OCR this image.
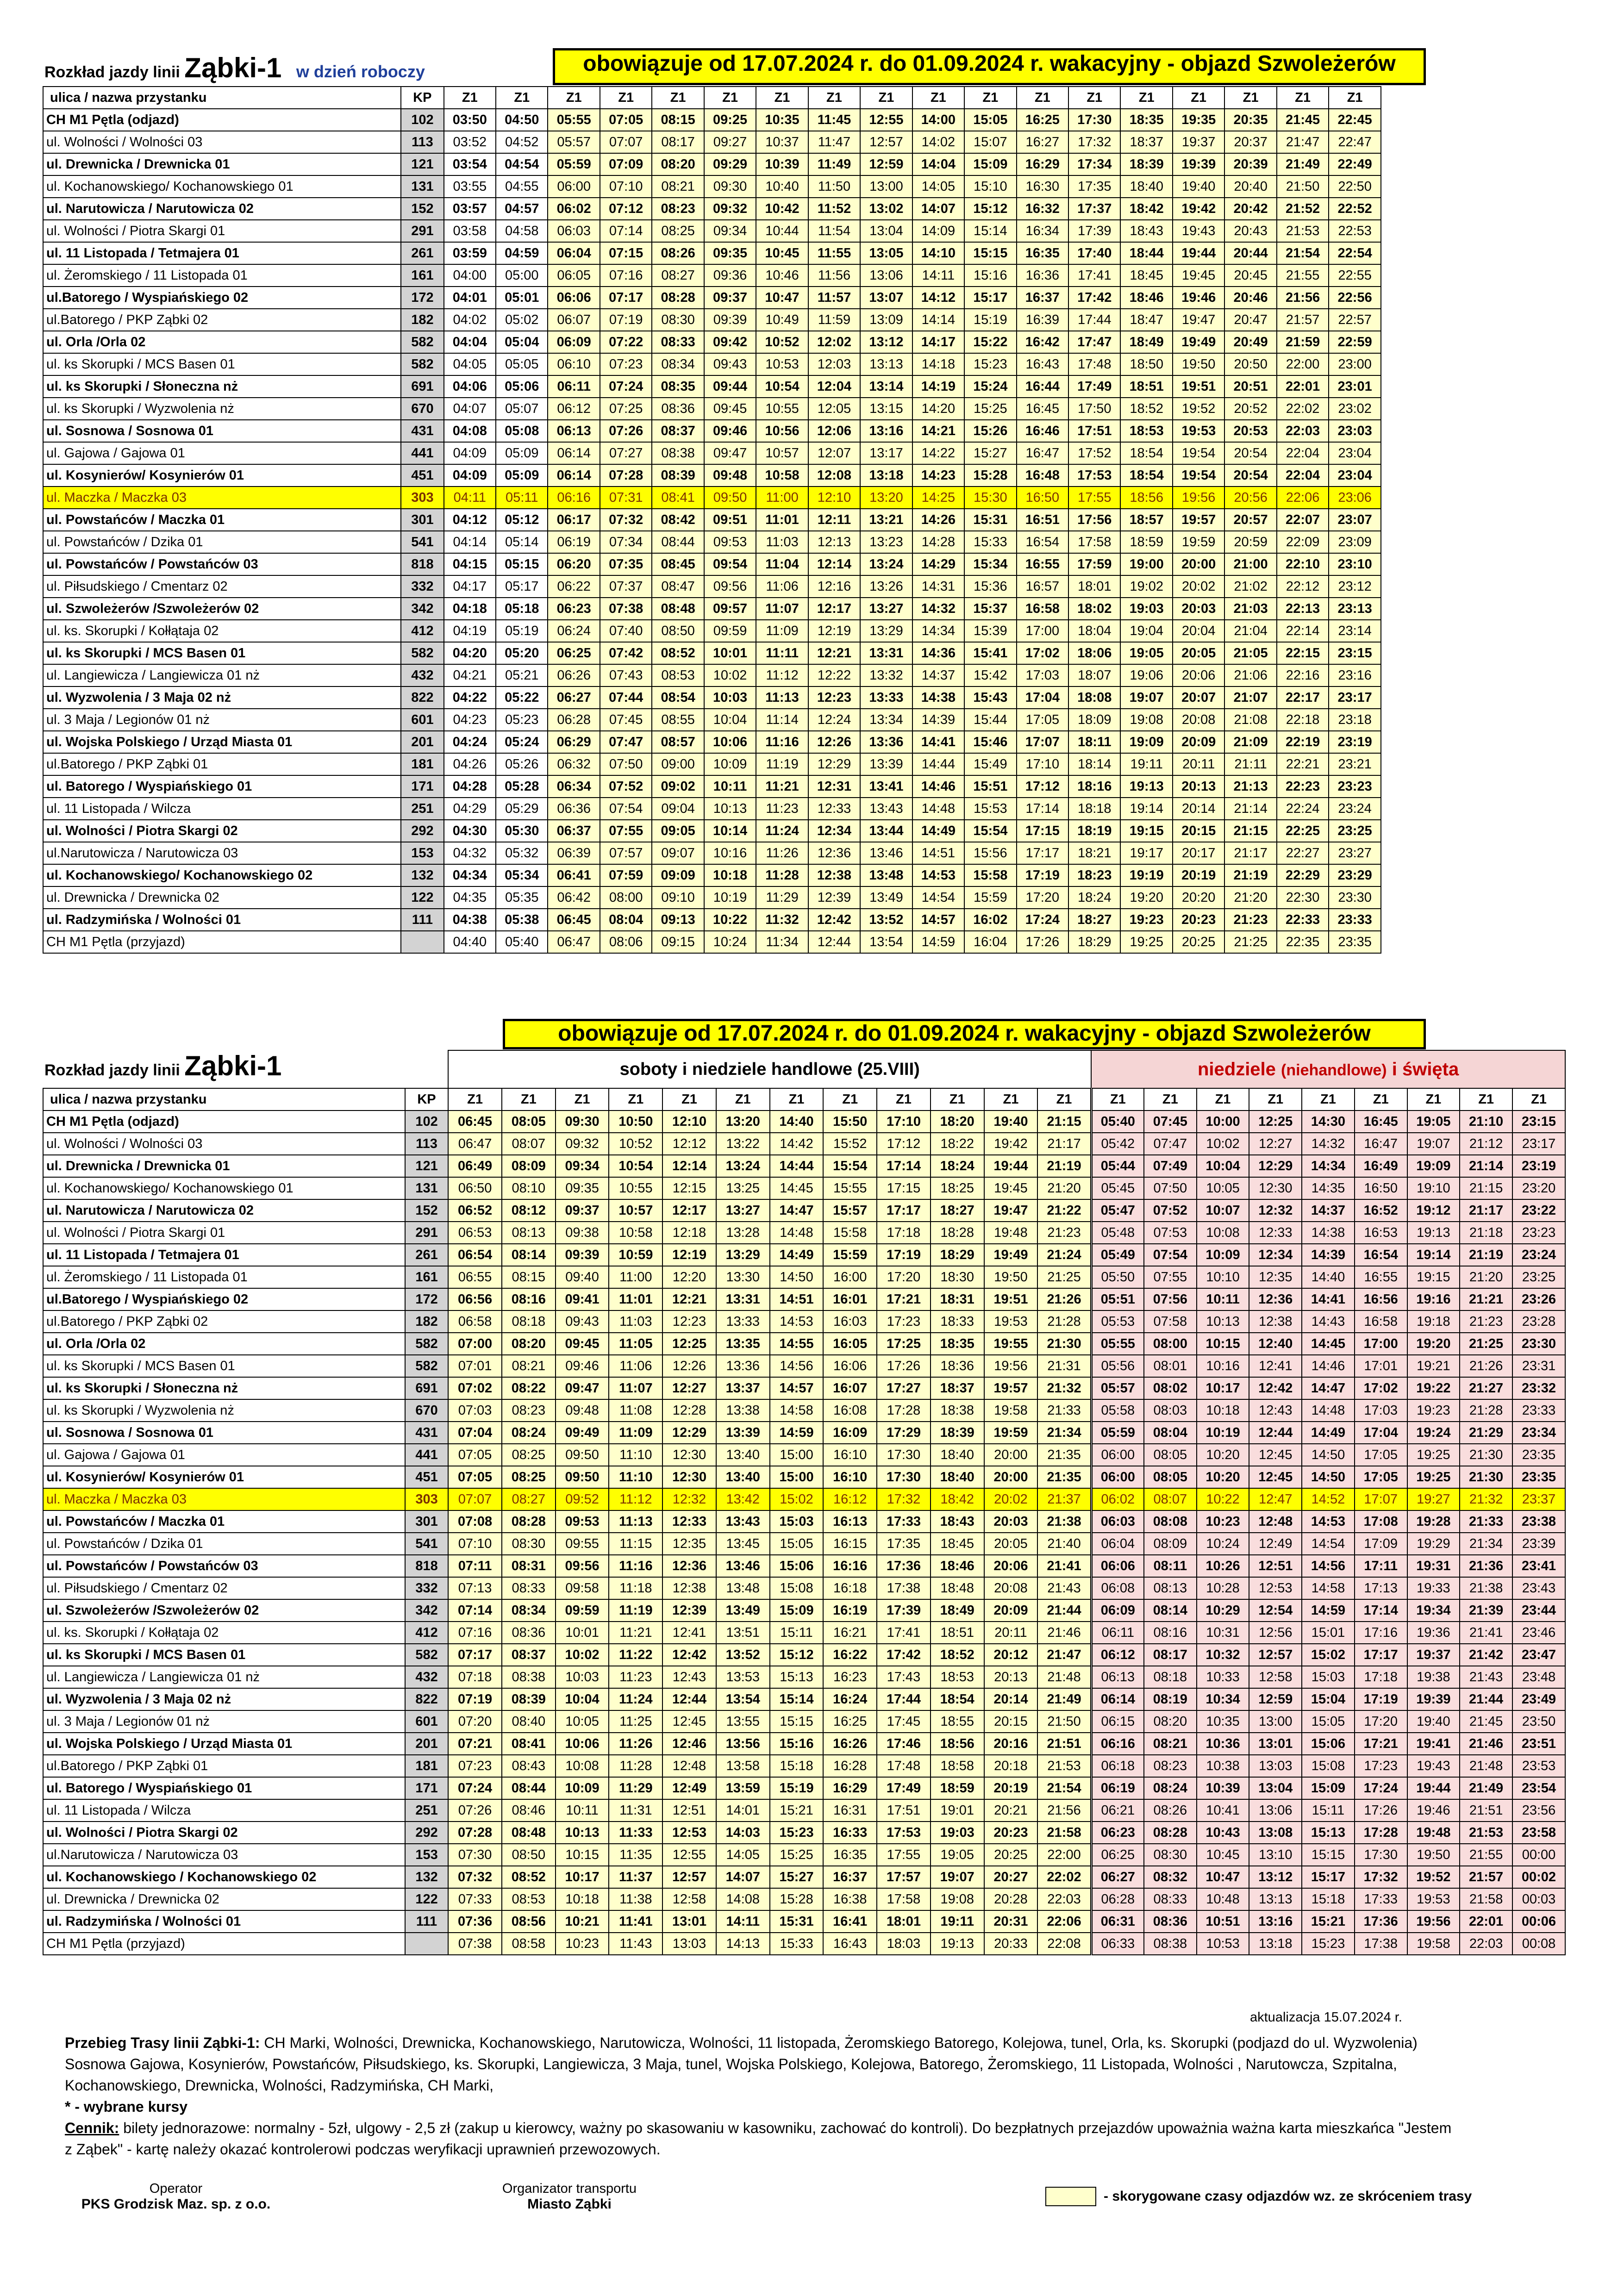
Rozkład jazdy linii Ząbki-1 w dzień roboczy	obowiązuje od 17.07.2024 r. do 01.09.2024 r. wakacyjny - objazd Szwoleżerów
ulica / nazwa przystanku	KP	Z1	Z1	Z1	Z1	Z1	Z1	Z1	Z1	Z1	Z1	Z1	Z1	Z1	Z1	Z1	Z1	Z1	Z1
CH M1 Pętla (odjazd)	102	03:50	04:50	05:55	07:05	08:15	09:25	10:35	11:45	12:55	14:00	15:05	16:25	17:30	18:35	19:35	20:35	21:45	22:45
ul. Wolności / Wolności 03	113	03:52	04:52	05:57	07:07	08:17	09:27	10:37	11:47	12:57	14:02	15:07	16:27	17:32	18:37	19:37	20:37	21:47	22:47
ul. Drewnicka / Drewnicka 01	121	03:54	04:54	05:59	07:09	08:20	09:29	10:39	11:49	12:59	14:04	15:09	16:29	17:34	18:39	19:39	20:39	21:49	22:49
ul. Kochanowskiego/ Kochanowskiego 01	131	03:55	04:55	06:00	07:10	08:21	09:30	10:40	11:50	13:00	14:05	15:10	16:30	17:35	18:40	19:40	20:40	21:50	22:50
ul. Narutowicza / Narutowicza 02	152	03:57	04:57	06:02	07:12	08:23	09:32	10:42	11:52	13:02	14:07	15:12	16:32	17:37	18:42	19:42	20:42	21:52	22:52
ul. Wolności / Piotra Skargi 01	291	03:58	04:58	06:03	07:14	08:25	09:34	10:44	11:54	13:04	14:09	15:14	16:34	17:39	18:43	19:43	20:43	21:53	22:53
ul. 11 Listopada / Tetmajera 01	261	03:59	04:59	06:04	07:15	08:26	09:35	10:45	11:55	13:05	14:10	15:15	16:35	17:40	18:44	19:44	20:44	21:54	22:54
ul. Żeromskiego / 11 Listopada 01	161	04:00	05:00	06:05	07:16	08:27	09:36	10:46	11:56	13:06	14:11	15:16	16:36	17:41	18:45	19:45	20:45	21:55	22:55
ul.Batorego / Wyspiańskiego 02	172	04:01	05:01	06:06	07:17	08:28	09:37	10:47	11:57	13:07	14:12	15:17	16:37	17:42	18:46	19:46	20:46	21:56	22:56
ul.Batorego / PKP Ząbki 02	182	04:02	05:02	06:07	07:19	08:30	09:39	10:49	11:59	13:09	14:14	15:19	16:39	17:44	18:47	19:47	20:47	21:57	22:57
ul. Orla /Orla 02	582	04:04	05:04	06:09	07:22	08:33	09:42	10:52	12:02	13:12	14:17	15:22	16:42	17:47	18:49	19:49	20:49	21:59	22:59
ul. ks Skorupki / MCS Basen 01	582	04:05	05:05	06:10	07:23	08:34	09:43	10:53	12:03	13:13	14:18	15:23	16:43	17:48	18:50	19:50	20:50	22:00	23:00
ul. ks Skorupki / Słoneczna nż	691	04:06	05:06	06:11	07:24	08:35	09:44	10:54	12:04	13:14	14:19	15:24	16:44	17:49	18:51	19:51	20:51	22:01	23:01
ul. ks Skorupki / Wyzwolenia nż	670	04:07	05:07	06:12	07:25	08:36	09:45	10:55	12:05	13:15	14:20	15:25	16:45	17:50	18:52	19:52	20:52	22:02	23:02
ul. Sosnowa / Sosnowa 01	431	04:08	05:08	06:13	07:26	08:37	09:46	10:56	12:06	13:16	14:21	15:26	16:46	17:51	18:53	19:53	20:53	22:03	23:03
ul. Gajowa / Gajowa 01	441	04:09	05:09	06:14	07:27	08:38	09:47	10:57	12:07	13:17	14:22	15:27	16:47	17:52	18:54	19:54	20:54	22:04	23:04
ul. Kosynierów/ Kosynierów 01	451	04:09	05:09	06:14	07:28	08:39	09:48	10:58	12:08	13:18	14:23	15:28	16:48	17:53	18:54	19:54	20:54	22:04	23:04
ul. Maczka / Maczka 03	303	04:11	05:11	06:16	07:31	08:41	09:50	11:00	12:10	13:20	14:25	15:30	16:50	17:55	18:56	19:56	20:56	22:06	23:06
ul. Powstańców / Maczka 01	301	04:12	05:12	06:17	07:32	08:42	09:51	11:01	12:11	13:21	14:26	15:31	16:51	17:56	18:57	19:57	20:57	22:07	23:07
ul. Powstańców / Dzika 01	541	04:14	05:14	06:19	07:34	08:44	09:53	11:03	12:13	13:23	14:28	15:33	16:54	17:58	18:59	19:59	20:59	22:09	23:09
ul. Powstańców / Powstańców 03	818	04:15	05:15	06:20	07:35	08:45	09:54	11:04	12:14	13:24	14:29	15:34	16:55	17:59	19:00	20:00	21:00	22:10	23:10
ul. Piłsudskiego / Cmentarz 02	332	04:17	05:17	06:22	07:37	08:47	09:56	11:06	12:16	13:26	14:31	15:36	16:57	18:01	19:02	20:02	21:02	22:12	23:12
ul. Szwoleżerów /Szwoleżerów 02	342	04:18	05:18	06:23	07:38	08:48	09:57	11:07	12:17	13:27	14:32	15:37	16:58	18:02	19:03	20:03	21:03	22:13	23:13
ul. ks. Skorupki / Kołłątaja 02	412	04:19	05:19	06:24	07:40	08:50	09:59	11:09	12:19	13:29	14:34	15:39	17:00	18:04	19:04	20:04	21:04	22:14	23:14
ul. ks Skorupki / MCS Basen 01	582	04:20	05:20	06:25	07:42	08:52	10:01	11:11	12:21	13:31	14:36	15:41	17:02	18:06	19:05	20:05	21:05	22:15	23:15
ul. Langiewicza / Langiewicza 01 nż	432	04:21	05:21	06:26	07:43	08:53	10:02	11:12	12:22	13:32	14:37	15:42	17:03	18:07	19:06	20:06	21:06	22:16	23:16
ul. Wyzwolenia / 3 Maja 02 nż	822	04:22	05:22	06:27	07:44	08:54	10:03	11:13	12:23	13:33	14:38	15:43	17:04	18:08	19:07	20:07	21:07	22:17	23:17
ul. 3 Maja / Legionów 01 nż	601	04:23	05:23	06:28	07:45	08:55	10:04	11:14	12:24	13:34	14:39	15:44	17:05	18:09	19:08	20:08	21:08	22:18	23:18
ul. Wojska Polskiego / Urząd Miasta 01	201	04:24	05:24	06:29	07:47	08:57	10:06	11:16	12:26	13:36	14:41	15:46	17:07	18:11	19:09	20:09	21:09	22:19	23:19
ul.Batorego / PKP Ząbki 01	181	04:26	05:26	06:32	07:50	09:00	10:09	11:19	12:29	13:39	14:44	15:49	17:10	18:14	19:11	20:11	21:11	22:21	23:21
ul. Batorego / Wyspiańskiego 01	171	04:28	05:28	06:34	07:52	09:02	10:11	11:21	12:31	13:41	14:46	15:51	17:12	18:16	19:13	20:13	21:13	22:23	23:23
ul. 11 Listopada / Wilcza	251	04:29	05:29	06:36	07:54	09:04	10:13	11:23	12:33	13:43	14:48	15:53	17:14	18:18	19:14	20:14	21:14	22:24	23:24
ul. Wolności / Piotra Skargi 02	292	04:30	05:30	06:37	07:55	09:05	10:14	11:24	12:34	13:44	14:49	15:54	17:15	18:19	19:15	20:15	21:15	22:25	23:25
ul.Narutowicza / Narutowicza 03	153	04:32	05:32	06:39	07:57	09:07	10:16	11:26	12:36	13:46	14:51	15:56	17:17	18:21	19:17	20:17	21:17	22:27	23:27
ul. Kochanowskiego/ Kochanowskiego 02	132	04:34	05:34	06:41	07:59	09:09	10:18	11:28	12:38	13:48	14:53	15:58	17:19	18:23	19:19	20:19	21:19	22:29	23:29
ul. Drewnicka / Drewnicka 02	122	04:35	05:35	06:42	08:00	09:10	10:19	11:29	12:39	13:49	14:54	15:59	17:20	18:24	19:20	20:20	21:20	22:30	23:30
ul. Radzymińska / Wolności 01	111	04:38	05:38	06:45	08:04	09:13	10:22	11:32	12:42	13:52	14:57	16:02	17:24	18:27	19:23	20:23	21:23	22:33	23:33
CH M1 Pętla (przyjazd)		04:40	05:40	06:47	08:06	09:15	10:24	11:34	12:44	13:54	14:59	16:04	17:26	18:29	19:25	20:25	21:25	22:35	23:35
obowiązuje od 17.07.2024 r. do 01.09.2024 r. wakacyjny - objazd Szwoleżerów
Rozkład jazdy linii Ząbki-1
		soboty i niedziele handlowe (25.VIII)												niedziele (niehandlowe) i święta								
ulica / nazwa przystanku	KP	Z1	Z1	Z1	Z1	Z1	Z1	Z1	Z1	Z1	Z1	Z1	Z1	Z1	Z1	Z1	Z1	Z1	Z1	Z1	Z1	Z1
CH M1 Pętla (odjazd)	102	06:45	08:05	09:30	10:50	12:10	13:20	14:40	15:50	17:10	18:20	19:40	21:15	05:40	07:45	10:00	12:25	14:30	16:45	19:05	21:10	23:15
ul. Wolności / Wolności 03	113	06:47	08:07	09:32	10:52	12:12	13:22	14:42	15:52	17:12	18:22	19:42	21:17	05:42	07:47	10:02	12:27	14:32	16:47	19:07	21:12	23:17
ul. Drewnicka / Drewnicka 01	121	06:49	08:09	09:34	10:54	12:14	13:24	14:44	15:54	17:14	18:24	19:44	21:19	05:44	07:49	10:04	12:29	14:34	16:49	19:09	21:14	23:19
ul. Kochanowskiego/ Kochanowskiego 01	131	06:50	08:10	09:35	10:55	12:15	13:25	14:45	15:55	17:15	18:25	19:45	21:20	05:45	07:50	10:05	12:30	14:35	16:50	19:10	21:15	23:20
ul. Narutowicza / Narutowicza 02	152	06:52	08:12	09:37	10:57	12:17	13:27	14:47	15:57	17:17	18:27	19:47	21:22	05:47	07:52	10:07	12:32	14:37	16:52	19:12	21:17	23:22
ul. Wolności / Piotra Skargi 01	291	06:53	08:13	09:38	10:58	12:18	13:28	14:48	15:58	17:18	18:28	19:48	21:23	05:48	07:53	10:08	12:33	14:38	16:53	19:13	21:18	23:23
ul. 11 Listopada / Tetmajera 01	261	06:54	08:14	09:39	10:59	12:19	13:29	14:49	15:59	17:19	18:29	19:49	21:24	05:49	07:54	10:09	12:34	14:39	16:54	19:14	21:19	23:24
ul. Żeromskiego / 11 Listopada 01	161	06:55	08:15	09:40	11:00	12:20	13:30	14:50	16:00	17:20	18:30	19:50	21:25	05:50	07:55	10:10	12:35	14:40	16:55	19:15	21:20	23:25
ul.Batorego / Wyspiańskiego 02	172	06:56	08:16	09:41	11:01	12:21	13:31	14:51	16:01	17:21	18:31	19:51	21:26	05:51	07:56	10:11	12:36	14:41	16:56	19:16	21:21	23:26
ul.Batorego / PKP Ząbki 02	182	06:58	08:18	09:43	11:03	12:23	13:33	14:53	16:03	17:23	18:33	19:53	21:28	05:53	07:58	10:13	12:38	14:43	16:58	19:18	21:23	23:28
ul. Orla /Orla 02	582	07:00	08:20	09:45	11:05	12:25	13:35	14:55	16:05	17:25	18:35	19:55	21:30	05:55	08:00	10:15	12:40	14:45	17:00	19:20	21:25	23:30
ul. ks Skorupki / MCS Basen 01	582	07:01	08:21	09:46	11:06	12:26	13:36	14:56	16:06	17:26	18:36	19:56	21:31	05:56	08:01	10:16	12:41	14:46	17:01	19:21	21:26	23:31
ul. ks Skorupki / Słoneczna nż	691	07:02	08:22	09:47	11:07	12:27	13:37	14:57	16:07	17:27	18:37	19:57	21:32	05:57	08:02	10:17	12:42	14:47	17:02	19:22	21:27	23:32
ul. ks Skorupki / Wyzwolenia nż	670	07:03	08:23	09:48	11:08	12:28	13:38	14:58	16:08	17:28	18:38	19:58	21:33	05:58	08:03	10:18	12:43	14:48	17:03	19:23	21:28	23:33
ul. Sosnowa / Sosnowa 01	431	07:04	08:24	09:49	11:09	12:29	13:39	14:59	16:09	17:29	18:39	19:59	21:34	05:59	08:04	10:19	12:44	14:49	17:04	19:24	21:29	23:34
ul. Gajowa / Gajowa 01	441	07:05	08:25	09:50	11:10	12:30	13:40	15:00	16:10	17:30	18:40	20:00	21:35	06:00	08:05	10:20	12:45	14:50	17:05	19:25	21:30	23:35
ul. Kosynierów/ Kosynierów 01	451	07:05	08:25	09:50	11:10	12:30	13:40	15:00	16:10	17:30	18:40	20:00	21:35	06:00	08:05	10:20	12:45	14:50	17:05	19:25	21:30	23:35
ul. Maczka / Maczka 03	303	07:07	08:27	09:52	11:12	12:32	13:42	15:02	16:12	17:32	18:42	20:02	21:37	06:02	08:07	10:22	12:47	14:52	17:07	19:27	21:32	23:37
ul. Powstańców / Maczka 01	301	07:08	08:28	09:53	11:13	12:33	13:43	15:03	16:13	17:33	18:43	20:03	21:38	06:03	08:08	10:23	12:48	14:53	17:08	19:28	21:33	23:38
ul. Powstańców / Dzika 01	541	07:10	08:30	09:55	11:15	12:35	13:45	15:05	16:15	17:35	18:45	20:05	21:40	06:04	08:09	10:24	12:49	14:54	17:09	19:29	21:34	23:39
ul. Powstańców / Powstańców 03	818	07:11	08:31	09:56	11:16	12:36	13:46	15:06	16:16	17:36	18:46	20:06	21:41	06:06	08:11	10:26	12:51	14:56	17:11	19:31	21:36	23:41
ul. Piłsudskiego / Cmentarz 02	332	07:13	08:33	09:58	11:18	12:38	13:48	15:08	16:18	17:38	18:48	20:08	21:43	06:08	08:13	10:28	12:53	14:58	17:13	19:33	21:38	23:43
ul. Szwoleżerów /Szwoleżerów 02	342	07:14	08:34	09:59	11:19	12:39	13:49	15:09	16:19	17:39	18:49	20:09	21:44	06:09	08:14	10:29	12:54	14:59	17:14	19:34	21:39	23:44
ul. ks. Skorupki / Kołłątaja 02	412	07:16	08:36	10:01	11:21	12:41	13:51	15:11	16:21	17:41	18:51	20:11	21:46	06:11	08:16	10:31	12:56	15:01	17:16	19:36	21:41	23:46
ul. ks Skorupki / MCS Basen 01	582	07:17	08:37	10:02	11:22	12:42	13:52	15:12	16:22	17:42	18:52	20:12	21:47	06:12	08:17	10:32	12:57	15:02	17:17	19:37	21:42	23:47
ul. Langiewicza / Langiewicza 01 nż	432	07:18	08:38	10:03	11:23	12:43	13:53	15:13	16:23	17:43	18:53	20:13	21:48	06:13	08:18	10:33	12:58	15:03	17:18	19:38	21:43	23:48
ul. Wyzwolenia / 3 Maja 02 nż	822	07:19	08:39	10:04	11:24	12:44	13:54	15:14	16:24	17:44	18:54	20:14	21:49	06:14	08:19	10:34	12:59	15:04	17:19	19:39	21:44	23:49
ul. 3 Maja / Legionów 01 nż	601	07:20	08:40	10:05	11:25	12:45	13:55	15:15	16:25	17:45	18:55	20:15	21:50	06:15	08:20	10:35	13:00	15:05	17:20	19:40	21:45	23:50
ul. Wojska Polskiego / Urząd Miasta 01	201	07:21	08:41	10:06	11:26	12:46	13:56	15:16	16:26	17:46	18:56	20:16	21:51	06:16	08:21	10:36	13:01	15:06	17:21	19:41	21:46	23:51
ul.Batorego / PKP Ząbki 01	181	07:23	08:43	10:08	11:28	12:48	13:58	15:18	16:28	17:48	18:58	20:18	21:53	06:18	08:23	10:38	13:03	15:08	17:23	19:43	21:48	23:53
ul. Batorego / Wyspiańskiego 01	171	07:24	08:44	10:09	11:29	12:49	13:59	15:19	16:29	17:49	18:59	20:19	21:54	06:19	08:24	10:39	13:04	15:09	17:24	19:44	21:49	23:54
ul. 11 Listopada / Wilcza	251	07:26	08:46	10:11	11:31	12:51	14:01	15:21	16:31	17:51	19:01	20:21	21:56	06:21	08:26	10:41	13:06	15:11	17:26	19:46	21:51	23:56
ul. Wolności / Piotra Skargi 02	292	07:28	08:48	10:13	11:33	12:53	14:03	15:23	16:33	17:53	19:03	20:23	21:58	06:23	08:28	10:43	13:08	15:13	17:28	19:48	21:53	23:58
ul.Narutowicza / Narutowicza 03	153	07:30	08:50	10:15	11:35	12:55	14:05	15:25	16:35	17:55	19:05	20:25	22:00	06:25	08:30	10:45	13:10	15:15	17:30	19:50	21:55	00:00
ul. Kochanowskiego / Kochanowskiego 02	132	07:32	08:52	10:17	11:37	12:57	14:07	15:27	16:37	17:57	19:07	20:27	22:02	06:27	08:32	10:47	13:12	15:17	17:32	19:52	21:57	00:02
ul. Drewnicka / Drewnicka 02	122	07:33	08:53	10:18	11:38	12:58	14:08	15:28	16:38	17:58	19:08	20:28	22:03	06:28	08:33	10:48	13:13	15:18	17:33	19:53	21:58	00:03
ul. Radzymińska / Wolności 01	111	07:36	08:56	10:21	11:41	13:01	14:11	15:31	16:41	18:01	19:11	20:31	22:06	06:31	08:36	10:51	13:16	15:21	17:36	19:56	22:01	00:06
CH M1 Pętla (przyjazd)		07:38	08:58	10:23	11:43	13:03	14:13	15:33	16:43	18:03	19:13	20:33	22:08	06:33	08:38	10:53	13:18	15:23	17:38	19:58	22:03	00:08
aktualizacja 15.07.2024 r.
Przebieg Trasy linii Ząbki-1: CH Marki, Wolności, Drewnicka, Kochanowskiego, Narutowicza, Wolności, 11 listopada, Żeromskiego Batorego, Kolejowa, tunel, Orla, ks. Skorupki (podjazd do ul. Wyzwolenia) Sosnowa Gajowa, Kosynierów, Powstańców, Piłsudskiego, ks. Skorupki, Langiewicza, 3 Maja, tunel, Wojska Polskiego, Kolejowa, Batorego, Żeromskiego, 11 Listopada, Wolności , Narutowcza, Szpitalna, Kochanowskiego, Drewnicka, Wolności, Radzymińska, CH Marki,
* - wybrane kursy
Cennik: bilety jednorazowe: normalny - 5zł, ulgowy - 2,5 zł (zakup u kierowcy, ważny po skasowaniu w kasowniku, zachować do kontroli). Do bezpłatnych przejazdów upoważnia ważna karta mieszkańca "Jestem z Ząbek" - kartę należy okazać kontrolerowi podczas weryfikacji uprawnień przewozowych.
Operator
PKS Grodzisk Maz. sp. z o.o.
Organizator transportu
Miasto Ząbki
- skorygowane czasy odjazdów wz. ze skróceniem trasy
